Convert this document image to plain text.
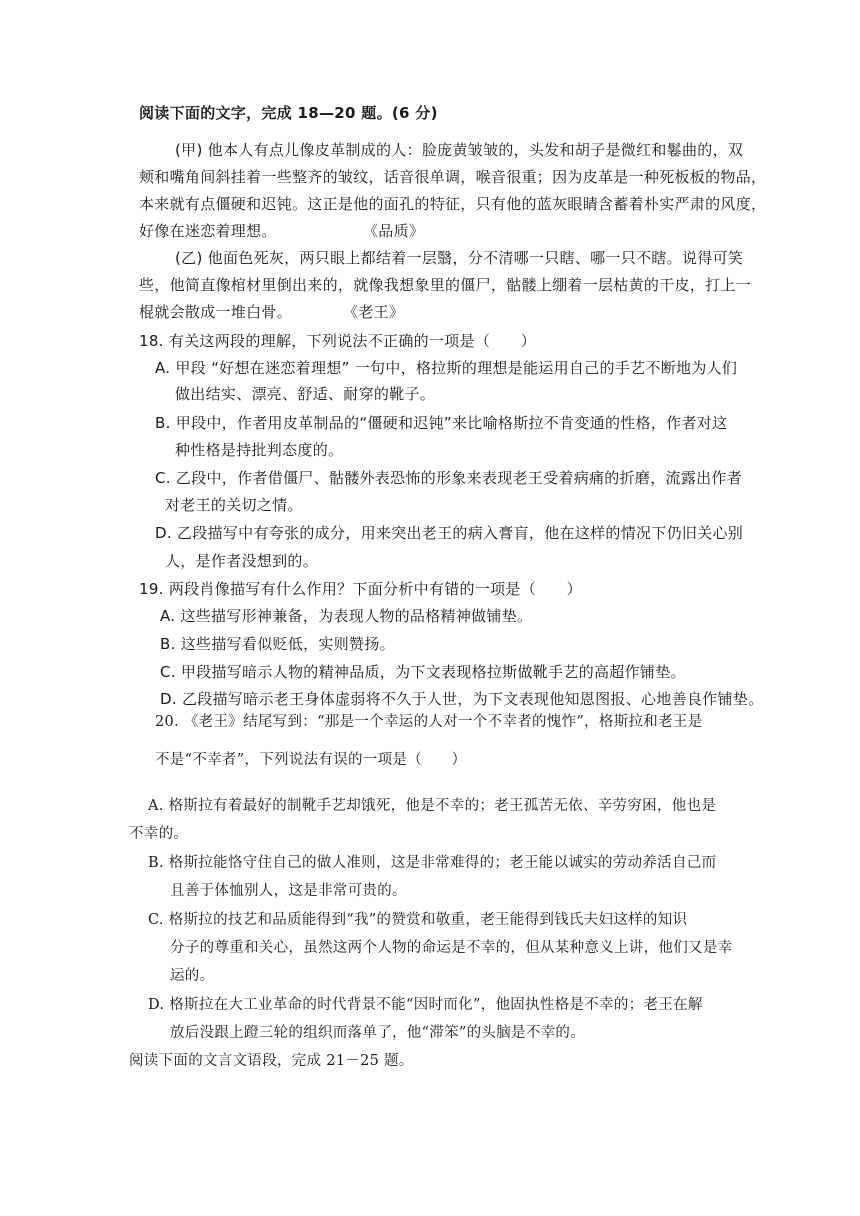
阅读下面的文字，完成 18—20 题。(6 分)
(甲) 他本人有点儿像皮革制成的人：脸庞黄皱皱的，头发和胡子是微红和鬈曲的，双
颊和嘴角间斜挂着一些整齐的皱纹，话音很单调，喉音很重；因为皮革是一种死板板的物品，
本来就有点僵硬和迟钝。这正是他的面孔的特征，只有他的蓝灰眼睛含蓄着朴实严肃的风度，
好像在迷恋着理想。	《品质》
(乙) 他面色死灰，两只眼上都结着一层翳，分不清哪一只瞎、哪一只不瞎。说得可笑
些，他简直像棺材里倒出来的，就像我想象里的僵尸，骷髅上绷着一层枯黄的干皮，打上一
棍就会散成一堆白骨。	《老王》
18. 有关这两段的理解，下列说法不正确的一项是（　　）
A. 甲段 “好想在迷恋着理想” 一句中，格拉斯的理想是能运用自己的手艺不断地为人们
做出结实、漂亮、舒适、耐穿的靴子。
B. 甲段中，作者用皮革制品的“僵硬和迟钝”来比喻格斯拉不肯变通的性格，作者对这
种性格是持批判态度的。
C. 乙段中，作者借僵尸、骷髅外表恐怖的形象来表现老王受着病痛的折磨，流露出作者
对老王的关切之情。
D. 乙段描写中有夸张的成分，用来突出老王的病入膏肓，他在这样的情况下仍旧关心别
人，是作者没想到的。
19. 两段肖像描写有什么作用？下面分析中有错的一项是（　　）
A. 这些描写形神兼备，为表现人物的品格精神做铺垫。
B. 这些描写看似贬低，实则赞扬。
C. 甲段描写暗示人物的精神品质，为下文表现格拉斯做靴手艺的高超作铺垫。
D. 乙段描写暗示老王身体虚弱将不久于人世，为下文表现他知恩图报、心地善良作铺垫。
20. 《老王》结尾写到：“那是一个幸运的人对一个不幸者的愧怍”，格斯拉和老王是
不是“不幸者”，下列说法有误的一项是（　　）
A. 格斯拉有着最好的制靴手艺却饿死，他是不幸的；老王孤苦无依、辛劳穷困，他也是
不幸的。
B. 格斯拉能恪守住自己的做人准则，这是非常难得的；老王能以诚实的劳动养活自己而
且善于体恤别人，这是非常可贵的。
C. 格斯拉的技艺和品质能得到“我”的赞赏和敬重，老王能得到钱氏夫妇这样的知识
分子的尊重和关心，虽然这两个人物的命运是不幸的，但从某种意义上讲，他们又是幸
运的。
D. 格斯拉在大工业革命的时代背景不能“因时而化”，他固执性格是不幸的；老王在解
放后没跟上蹬三轮的组织而落单了，他“滞笨”的头脑是不幸的。
阅读下面的文言文语段，完成 21－25 题。
